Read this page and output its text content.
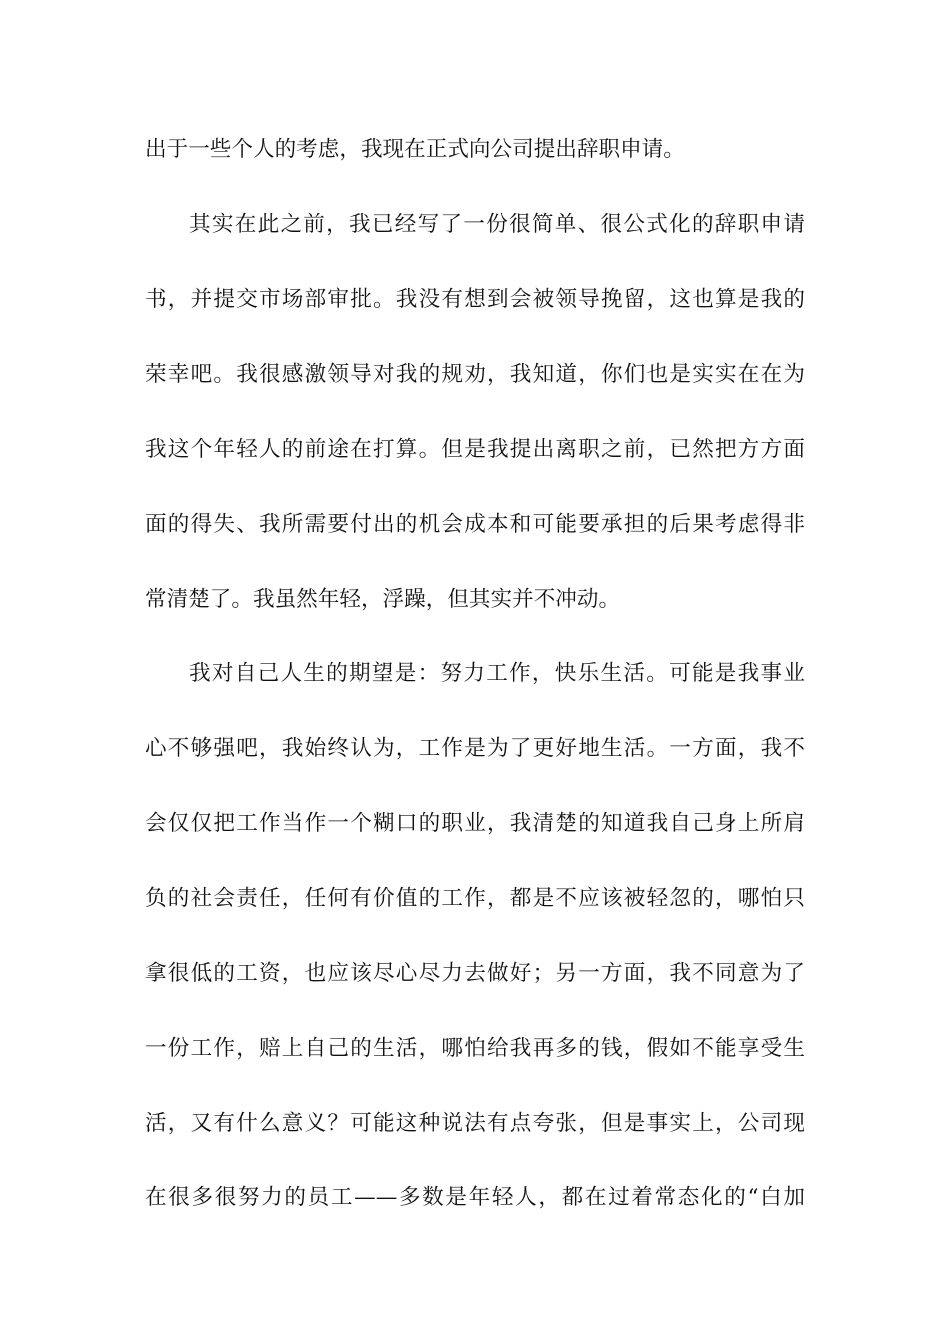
出于一些个人的考虑，我现在正式向公司提出辞职申请。
其实在此之前，我已经写了一份很简单、很公式化的辞职申请
书，并提交市场部审批。我没有想到会被领导挽留，这也算是我的
荣幸吧。我很感激领导对我的规劝，我知道，你们也是实实在在为
我这个年轻人的前途在打算。但是我提出离职之前，已然把方方面
面的得失、我所需要付出的机会成本和可能要承担的后果考虑得非
常清楚了。我虽然年轻，浮躁，但其实并不冲动。
我对自己人生的期望是：努力工作，快乐生活。可能是我事业
心不够强吧，我始终认为，工作是为了更好地生活。一方面，我不
会仅仅把工作当作一个糊口的职业，我清楚的知道我自己身上所肩
负的社会责任，任何有价值的工作，都是不应该被轻忽的，哪怕只
拿很低的工资，也应该尽心尽力去做好；另一方面，我不同意为了
一份工作，赔上自己的生活，哪怕给我再多的钱，假如不能享受生
活，又有什么意义？可能这种说法有点夸张，但是事实上，公司现
在很多很努力的员工——多数是年轻人，都在过着常态化的“白加
